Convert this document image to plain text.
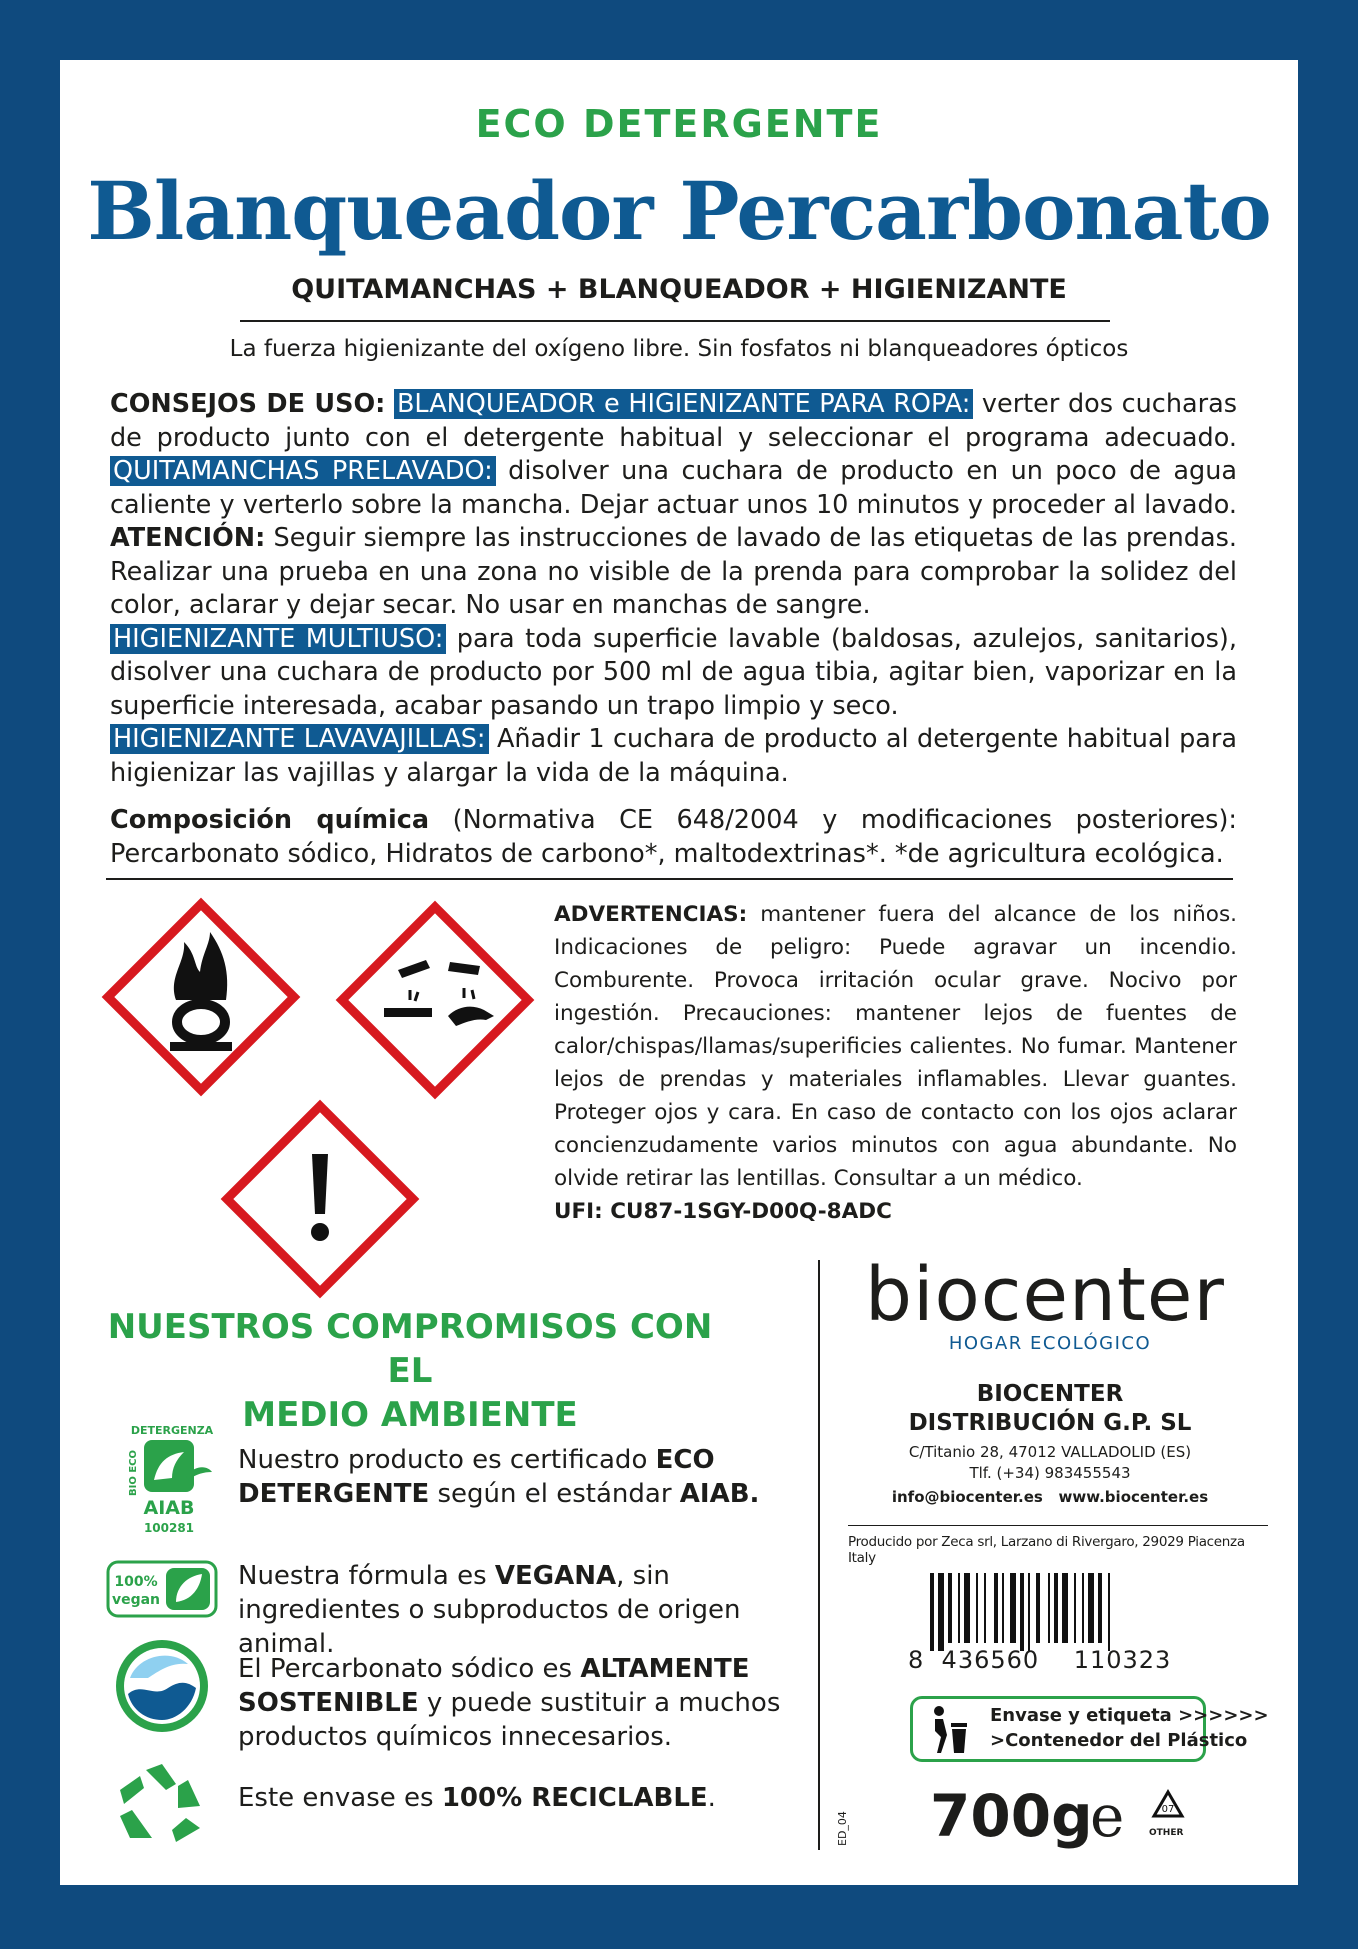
ECO DETERGENTE
Blanqueador Percarbonato
QUITAMANCHAS + BLANQUEADOR + HIGIENIZANTE
La fuerza higienizante del oxígeno libre. Sin fosfatos ni blanqueadores ópticos
CONSEJOS DE USO: BLANQUEADOR e HIGIENIZANTE PARA ROPA: verter dos cucharas de producto junto con el detergente habitual y seleccionar el programa adecuado. QUITAMANCHAS PRELAVADO: disolver una cuchara de producto en un poco de agua caliente y verterlo sobre la mancha. Dejar actuar unos 10 minutos y proceder al lavado. ATENCIÓN: Seguir siempre las instrucciones de lavado de las etiquetas de las prendas. Realizar una prueba en una zona no visible de la prenda para comprobar la solidez del color, aclarar y dejar secar. No usar en manchas de sangre.
HIGIENIZANTE MULTIUSO: para toda superficie lavable (baldosas, azulejos, sanitarios), disolver una cuchara de producto por 500 ml de agua tibia, agitar bien, vaporizar en la superficie interesada, acabar pasando un trapo limpio y seco.
HIGIENIZANTE LAVAVAJILLAS: Añadir 1 cuchara de producto al detergente habitual para higienizar las vajillas y alargar la vida de la máquina.
Composición química (Normativa CE 648/2004 y modificaciones posteriores): Percarbonato sódico, Hidratos de carbono*, maltodextrinas*. *de agricultura ecológica.
ADVERTENCIAS: mantener fuera del alcance de los niños. Indicaciones de peligro: Puede agravar un incendio. Comburente. Provoca irritación ocular grave. Nocivo por ingestión. Precauciones: mantener lejos de fuentes de calor/chispas/llamas/superificies calientes. No fumar. Mantener lejos de prendas y materiales inflamables. Llevar guantes. Proteger ojos y cara. En caso de contacto con los ojos aclarar concienzudamente varios minutos con agua abundante. No olvide retirar las lentillas. Consultar a un médico.
UFI: CU87-1SGY-D00Q-8ADC
NUESTROS COMPROMISOS CON EL
MEDIO AMBIENTE
DETERGENZA
BIO ECO
AIAB
100281
Nuestro producto es certificado ECO DETERGENTE según el estándar AIAB.
100%
vegan
Nuestra fórmula es VEGANA, sin ingredientes o subproductos de origen animal.
El Percarbonato sódico es ALTAMENTE SOSTENIBLE y puede sustituir a muchos productos químicos innecesarios.
Este envase es 100% RECICLABLE.
ED_04
biocenter
HOGAR ECOLÓGICO
BIOCENTER
DISTRIBUCIÓN G.P. SL
C/Titanio 28, 47012 VALLADOLID (ES)
Tlf. (+34) 983455543
info@biocenter.es www.biocenter.es
Producido por Zeca srl, Larzano di Rivergaro, 29029 Piacenza Italy
8 436560 110323
Envase y etiqueta >>>>>>
>Contenedor del Plástico
700g
e	07
OTHER
